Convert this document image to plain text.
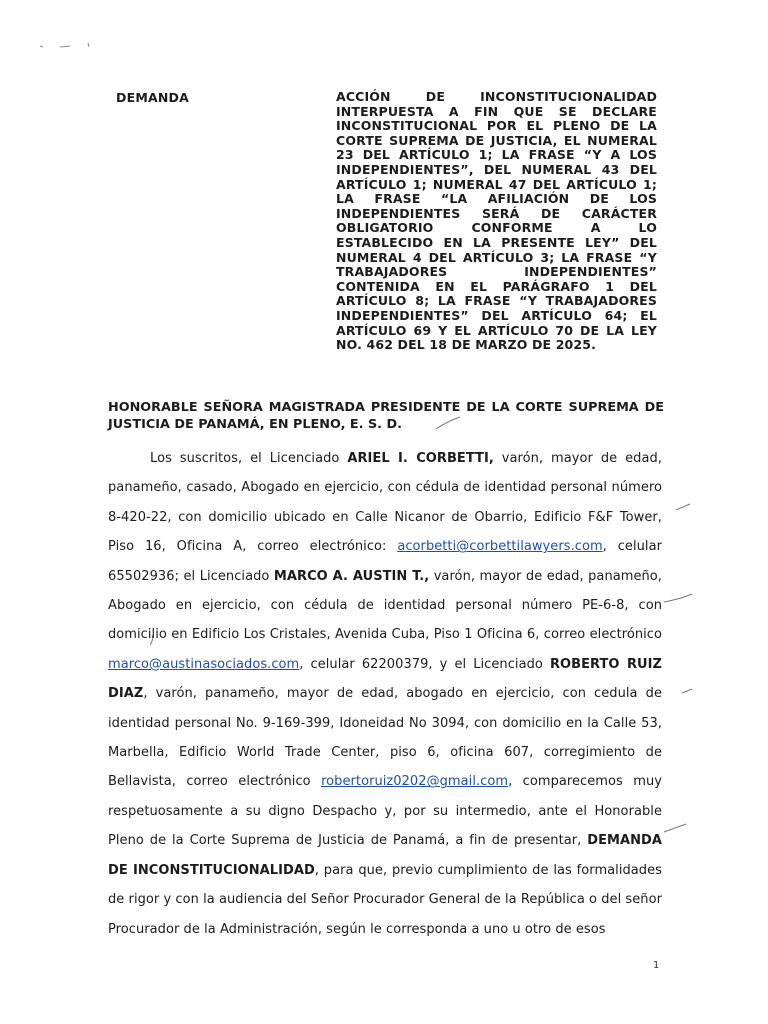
DEMANDA	ACCIÓN DE INCONSTITUCIONALIDAD INTERPUESTA A FIN QUE SE DECLARE INCONSTITUCIONAL POR EL PLENO DE LA CORTE SUPREMA DE JUSTICIA, EL NUMERAL 23 DEL ARTÍCULO 1; LA FRASE “Y A LOS INDEPENDIENTES”, DEL NUMERAL 43 DEL ARTÍCULO 1; NUMERAL 47 DEL ARTÍCULO 1; LA FRASE “LA AFILIACIÓN DE LOS INDEPENDIENTES SERÁ DE CARÁCTER OBLIGATORIO CONFORME A LO ESTABLECIDO EN LA PRESENTE LEY” DEL NUMERAL 4 DEL ARTÍCULO 3; LA FRASE “Y TRABAJADORES INDEPENDIENTES” CONTENIDA EN EL PARÁGRAFO 1 DEL ARTÍCULO 8; LA FRASE “Y TRABAJADORES INDEPENDIENTES” DEL ARTÍCULO 64; EL ARTÍCULO 69 Y EL ARTÍCULO 70 DE LA LEY NO. 462 DEL 18 DE MARZO DE 2025.
HONORABLE SEÑORA MAGISTRADA PRESIDENTE DE LA CORTE SUPREMA DE JUSTICIA DE PANAMÁ, EN PLENO, E. S. D.

Los suscritos, el Licenciado ARIEL I. CORBETTI, varón, mayor de edad, panameño, casado, Abogado en ejercicio, con cédula de identidad personal número 8-420-22, con domicilio ubicado en Calle Nicanor de Obarrio, Edificio F&F Tower, Piso 16, Oficina A, correo electrónico: acorbetti@corbettilawyers.com, celular 65502936; el Licenciado MARCO A. AUSTIN T., varón, mayor de edad, panameño, Abogado en ejercicio, con cédula de identidad personal número PE-6-8, con domicilio en Edificio Los Cristales, Avenida Cuba, Piso 1 Oficina 6, correo electrónico marco@austinasociados.com, celular 62200379, y el Licenciado ROBERTO RUIZ DIAZ, varón, panameño, mayor de edad, abogado en ejercicio, con cedula de identidad personal No. 9-169-399, Idoneidad No 3094, con domicilio en la Calle 53, Marbella, Edificio World Trade Center, piso 6, oficina 607, corregimiento de Bellavista, correo electrónico robertoruiz0202@gmail.com, comparecemos muy respetuosamente a su digno Despacho y, por su intermedio, ante el Honorable Pleno de la Corte Suprema de Justicia de Panamá, a fin de presentar, DEMANDA DE INCONSTITUCIONALIDAD, para que, previo cumplimiento de las formalidades de rigor y con la audiencia del Señor Procurador General de la República o del señor Procurador de la Administración, según le corresponda a uno u otro de esos

1
